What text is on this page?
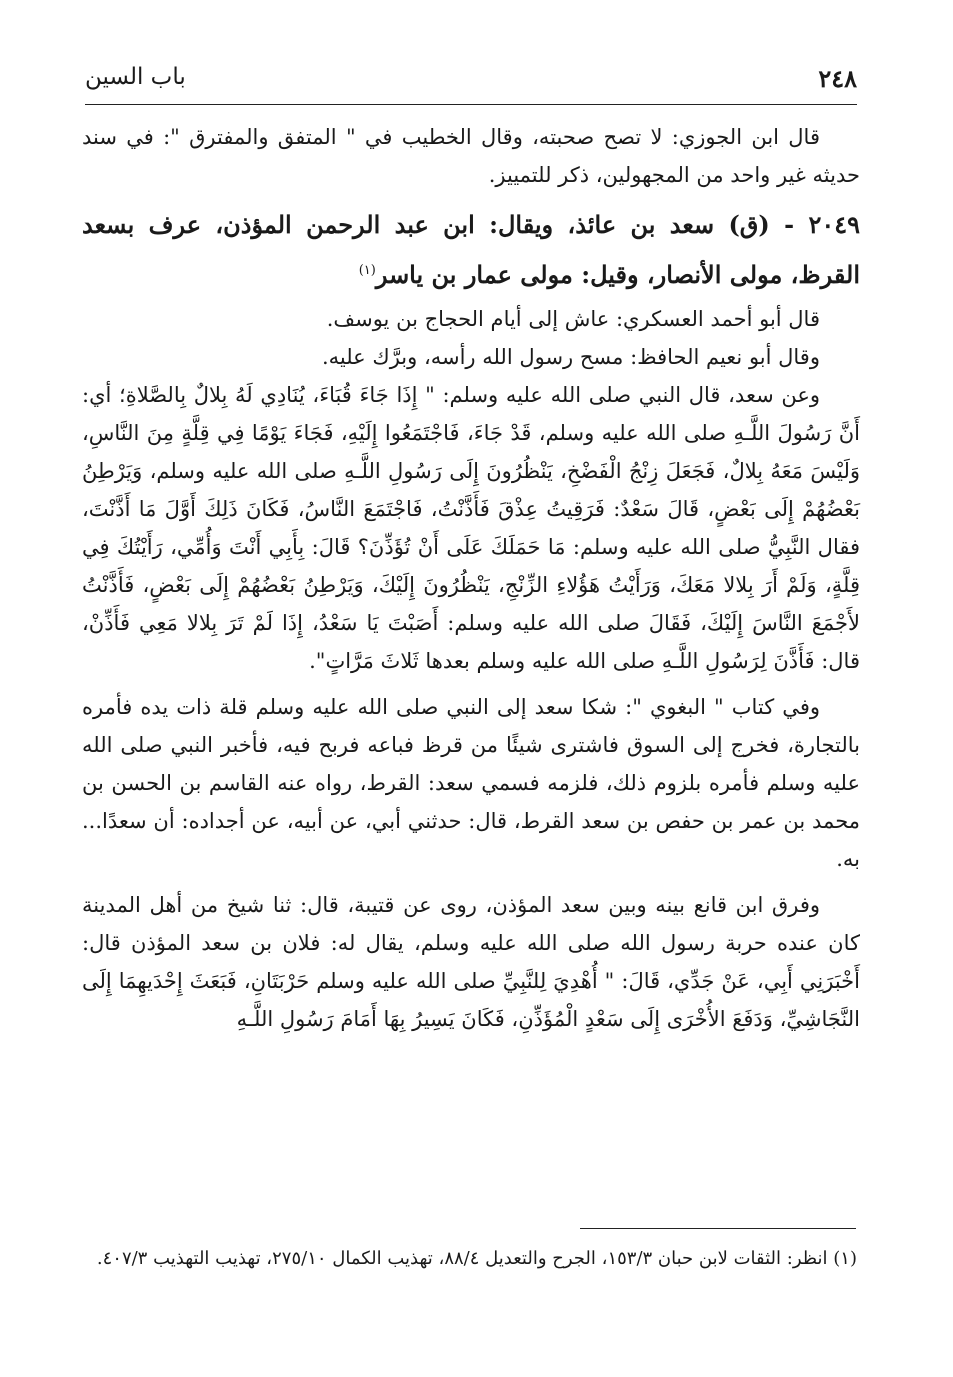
٢٤٨
باب السين

قال ابن الجوزي: لا تصح صحبته، وقال الخطيب في " المتفق والمفترق ": في سند حديثه غير واحد من المجهولين، ذكر للتمييز.

٢٠٤٩ - (ق) سعد بن عائذ، ويقال: ابن عبد الرحمن المؤذن، عرف بسعد القرظ، مولى الأنصار، وقيل: مولى عمار بن ياسر$^{(١)}$

قال أبو أحمد العسكري: عاش إلى أيام الحجاج بن يوسف.

وقال أبو نعيم الحافظ: مسح رسول الله رأسه، وبرَّك عليه.

وعن سعد، قال النبي صلى الله عليه وسلم: " إِذَا جَاءَ قُبَاءَ، يُنَادِي لَهُ بِلالٌ بِالصَّلاةِ؛ أي: أَنَّ رَسُولَ اللَّـهِ صلى الله عليه وسلم، قَدْ جَاءَ، فَاجْتَمَعُوا إِلَيْهِ، فَجَاءَ يَوْمًا فِي قِلَّةٍ مِنَ النَّاسِ، وَلَيْسَ مَعَهُ بِلالٌ، فَجَعَلَ زِنْجُ الْفَضْخِ، يَنْظُرُونَ إِلَى رَسُولِ اللَّـهِ صلى الله عليه وسلم، وَيَرْطِنُ بَعْضُهُمْ إِلَى بَعْضٍ، قَالَ سَعْدٌ: فَرَقِيتُ عِذْقَ فَأَذَّنْتُ، فَاجْتَمَعَ النَّاسُ، فَكَانَ ذَلِكَ أَوَّلَ مَا أَذَّنْتَ، فقال النَّبِيُّ صلى الله عليه وسلم: مَا حَمَلَكَ عَلَى أَنْ تُؤَذِّنَ؟ قَالَ: بِأَبِي أَنْتَ وَأُمِّي، رَأَيْتُكَ فِي قِلَّةٍ، وَلَمْ أَرَ بِلالا مَعَكَ، وَرَأَيْتُ هَؤُلاءِ الزِّنْجِ، يَنْظُرُونَ إِلَيْكَ، وَيَرْطِنُ بَعْضُهُمْ إِلَى بَعْضٍ، فَأَذَّنْتُ لأَجْمَعَ النَّاسَ إِلَيْكَ، فَقَالَ صلى الله عليه وسلم: أَصَبْتَ يَا سَعْدُ، إِذَا لَمْ تَرَ بِلالا مَعِي فَأَذِّنْ، قال: فَأَذَّنَ لِرَسُولِ اللَّـهِ صلى الله عليه وسلم بعدها ثَلاثَ مَرَّاتٍ".

وفي كتاب " البغوي ": شكا سعد إلى النبي صلى الله عليه وسلم قلة ذات يده فأمره بالتجارة، فخرج إلى السوق فاشترى شيئًا من قرظ فباعه فربح فيه، فأخبر النبي صلى الله عليه وسلم فأمره بلزوم ذلك، فلزمه فسمي سعد: القرط، رواه عنه القاسم بن الحسن بن محمد بن عمر بن حفص بن سعد القرط، قال: حدثني أبي، عن أبيه، عن أجداده: أن سعدًا... به.

وفرق ابن قانع بينه وبين سعد المؤذن، روى عن قتيبة، قال: ثنا شيخ من أهل المدينة كان عنده حربة رسول الله صلى الله عليه وسلم، يقال له: فلان بن سعد المؤذن قال: أَخْبَرَنِي أَبِي، عَنْ جَدِّي، قَالَ: " أُهْدِيَ لِلنَّبِيِّ صلى الله عليه وسلم حَرْبَتَانِ، فَبَعَثَ إِحْدَيهِمَا إِلَى النَّجَاشِيِّ، وَدَفَعَ الأُخْرَى إِلَى سَعْدٍ الْمُؤَذِّنِ، فَكَانَ يَسِيرُ بِهَا أَمَامَ رَسُولِ اللَّـهِ

(١) انظر: الثقات لابن حبان ١٥٣/٣، الجرح والتعديل ٨٨/٤، تهذيب الكمال ٢٧٥/١٠، تهذيب التهذيب ٤٠٧/٣.
